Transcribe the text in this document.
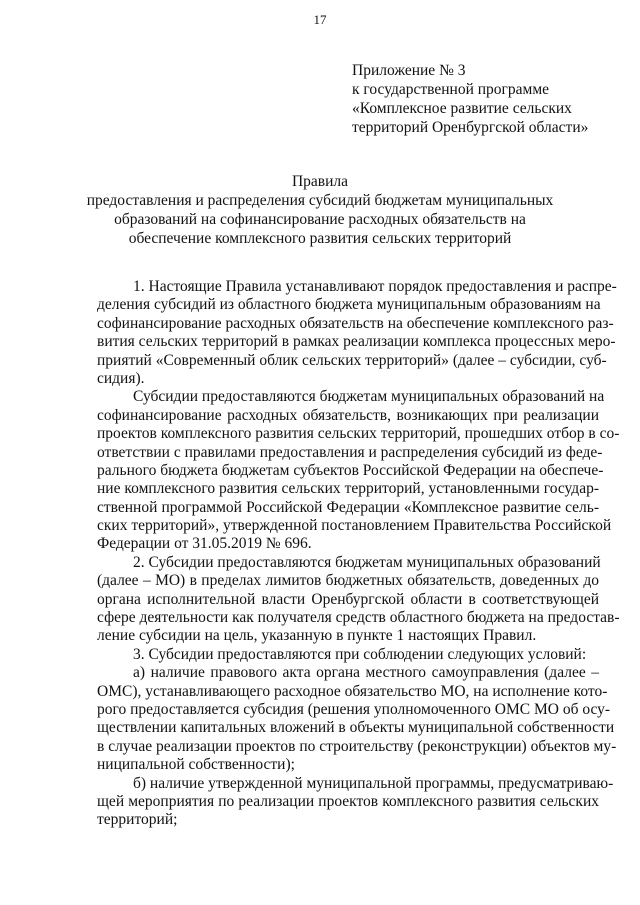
17
Приложение № 3
к государственной программе
«Комплексное развитие сельских
территорий Оренбургской области»
Правила
предоставления и распределения субсидий бюджетам муниципальных
образований на софинансирование расходных обязательств на
обеспечение комплексного развития сельских территорий
1. Настоящие Правила устанавливают порядок предоставления и распре-
деления субсидий из областного бюджета муниципальным образованиям на
софинансирование расходных обязательств на обеспечение комплексного раз-
вития сельских территорий в рамках реализации комплекса процессных меро-
приятий «Современный облик сельских территорий» (далее – субсидии, суб-
сидия).
Субсидии предоставляются бюджетам муниципальных образований на
софинансирование расходных обязательств, возникающих при реализации
проектов комплексного развития сельских территорий, прошедших отбор в со-
ответствии с правилами предоставления и распределения субсидий из феде-
рального бюджета бюджетам субъектов Российской Федерации на обеспече-
ние комплексного развития сельских территорий, установленными государ-
ственной программой Российской Федерации «Комплексное развитие сель-
ских территорий», утвержденной постановлением Правительства Российской
Федерации от 31.05.2019 № 696.
2. Субсидии предоставляются бюджетам муниципальных образований
(далее – МО) в пределах лимитов бюджетных обязательств, доведенных до
органа исполнительной власти Оренбургской области в соответствующей
сфере деятельности как получателя средств областного бюджета на предостав-
ление субсидии на цель, указанную в пункте 1 настоящих Правил.
3. Субсидии предоставляются при соблюдении следующих условий:
а) наличие правового акта органа местного самоуправления (далее –
ОМС), устанавливающего расходное обязательство МО, на исполнение кото-
рого предоставляется субсидия (решения уполномоченного ОМС МО об осу-
ществлении капитальных вложений в объекты муниципальной собственности
в случае реализации проектов по строительству (реконструкции) объектов му-
ниципальной собственности);
б) наличие утвержденной муниципальной программы, предусматриваю-
щей мероприятия по реализации проектов комплексного развития сельских
территорий;
